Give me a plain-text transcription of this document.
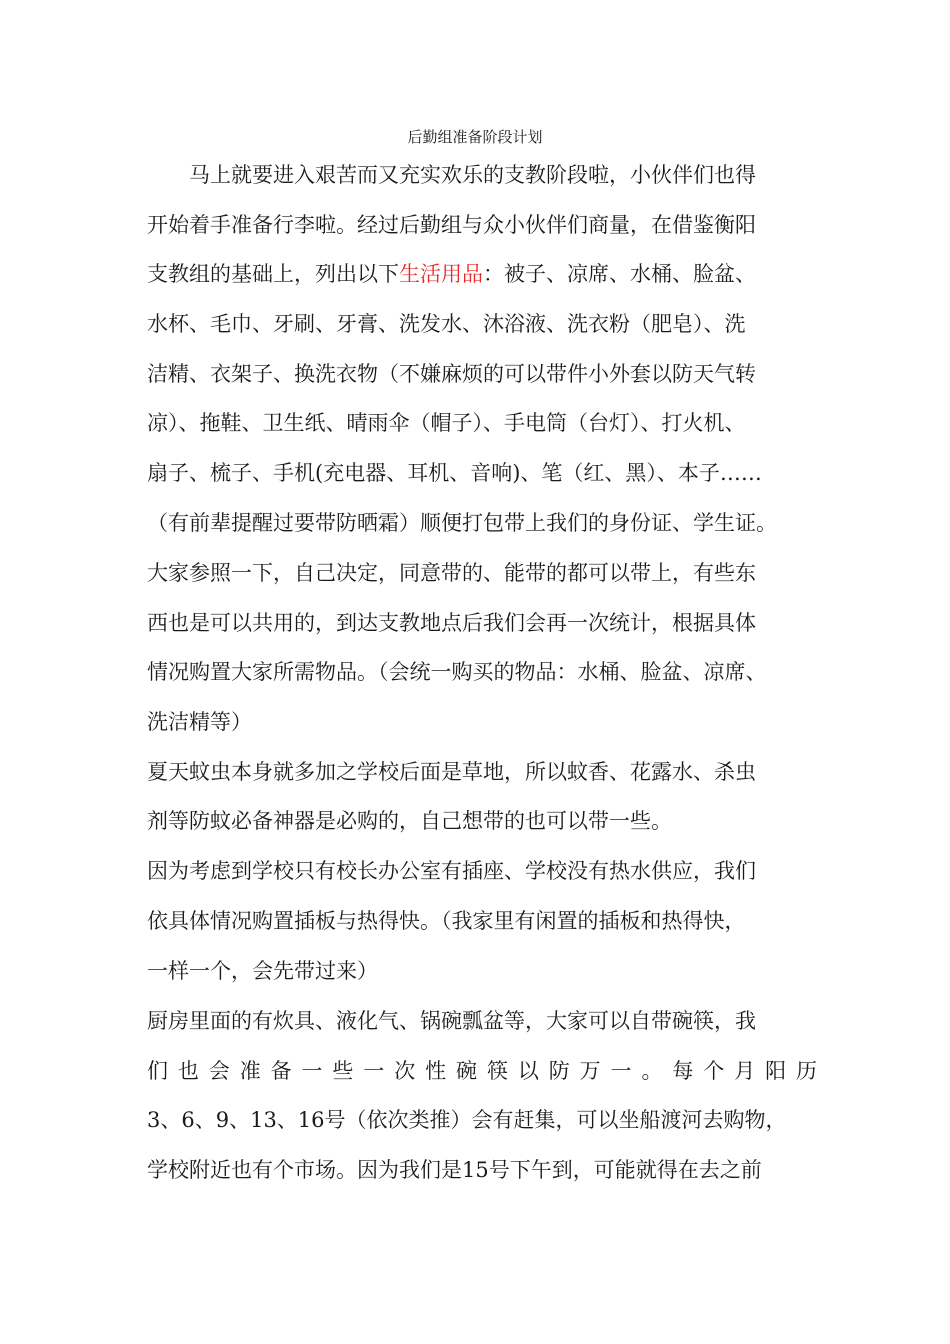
后勤组准备阶段计划
马上就要进入艰苦而又充实欢乐的支教阶段啦，小伙伴们也得
开始着手准备行李啦。经过后勤组与众小伙伴们商量，在借鉴衡阳
支教组的基础上，列出以下生活用品：被子、凉席、水桶、脸盆、
水杯、毛巾、牙刷、牙膏、洗发水、沐浴液、洗衣粉（肥皂）、洗
洁精、衣架子、换洗衣物（不嫌麻烦的可以带件小外套以防天气转
凉）、拖鞋、卫生纸、晴雨伞（帽子）、手电筒（台灯）、打火机、
扇子、梳子、手机(充电器、耳机、音响)、笔（红、黑）、本子……
（有前辈提醒过要带防晒霜）顺便打包带上我们的身份证、学生证。
大家参照一下，自己决定，同意带的、能带的都可以带上，有些东
西也是可以共用的，到达支教地点后我们会再一次统计，根据具体
情况购置大家所需物品。（会统一购买的物品：水桶、脸盆、凉席、
洗洁精等）
夏天蚊虫本身就多加之学校后面是草地，所以蚊香、花露水、杀虫
剂等防蚊必备神器是必购的，自己想带的也可以带一些。
因为考虑到学校只有校长办公室有插座、学校没有热水供应，我们
依具体情况购置插板与热得快。（我家里有闲置的插板和热得快，
一样一个，会先带过来）
厨房里面的有炊具、液化气、锅碗瓢盆等，大家可以自带碗筷，我
们也会准备一些一次性碗筷以防万一。每个月阳历
3、6、9、13、16号（依次类推）会有赶集，可以坐船渡河去购物，
学校附近也有个市场。因为我们是15号下午到，可能就得在去之前
